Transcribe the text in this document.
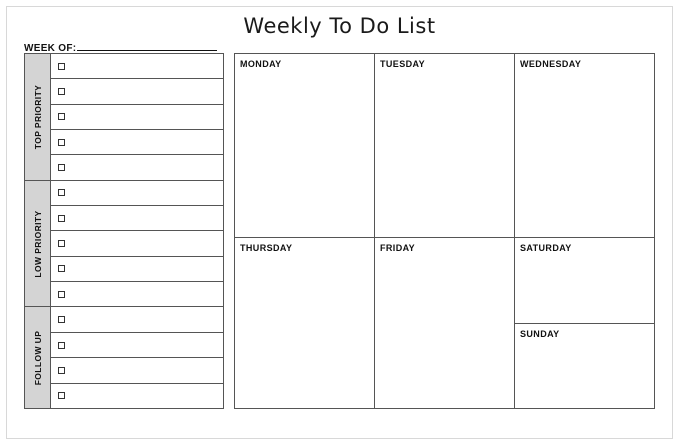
Weekly To Do List
WEEK OF:
TOP PRIORITY
LOW PRIORITY
FOLLOW UP
MONDAY	TUESDAY	WEDNESDAY
THURSDAY	FRIDAY	SATURDAY
SUNDAY
